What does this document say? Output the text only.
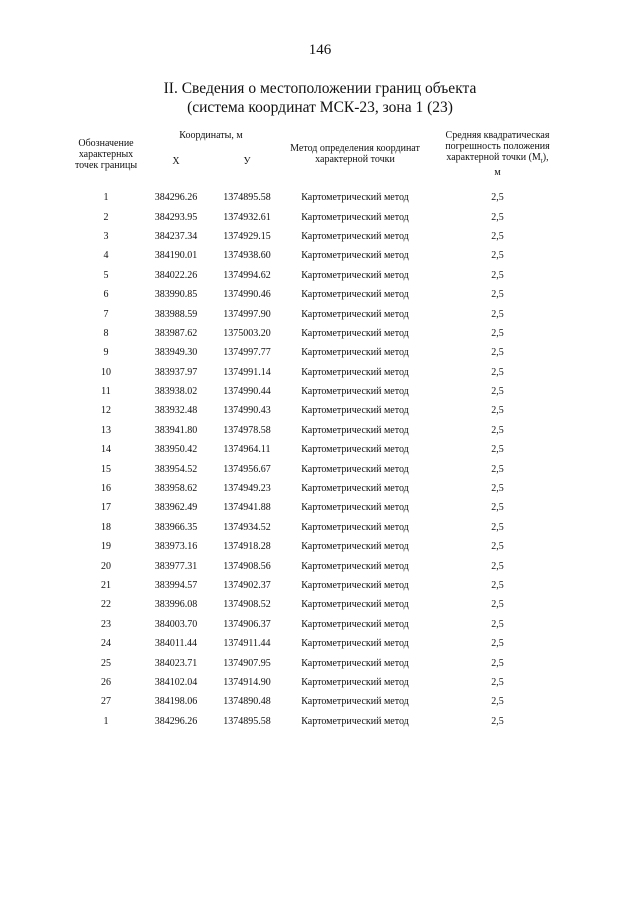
146
II. Сведения о местоположении границ объекта
(система координат МСК-23, зона 1 (23)
Обозначение характерных точек границы	Координаты, м		Метод определения координат характерной точки	Средняя квадратическая погрешность положения характерной точки $(M_t)$,
м
	X	У		

1	384296.26	1374895.58	Картометрический метод	2,5
2	384293.95	1374932.61	Картометрический метод	2,5
3	384237.34	1374929.15	Картометрический метод	2,5
4	384190.01	1374938.60	Картометрический метод	2,5
5	384022.26	1374994.62	Картометрический метод	2,5
6	383990.85	1374990.46	Картометрический метод	2,5
7	383988.59	1374997.90	Картометрический метод	2,5
8	383987.62	1375003.20	Картометрический метод	2,5
9	383949.30	1374997.77	Картометрический метод	2,5
10	383937.97	1374991.14	Картометрический метод	2,5
11	383938.02	1374990.44	Картометрический метод	2,5
12	383932.48	1374990.43	Картометрический метод	2,5
13	383941.80	1374978.58	Картометрический метод	2,5
14	383950.42	1374964.11	Картометрический метод	2,5
15	383954.52	1374956.67	Картометрический метод	2,5
16	383958.62	1374949.23	Картометрический метод	2,5
17	383962.49	1374941.88	Картометрический метод	2,5
18	383966.35	1374934.52	Картометрический метод	2,5
19	383973.16	1374918.28	Картометрический метод	2,5
20	383977.31	1374908.56	Картометрический метод	2,5
21	383994.57	1374902.37	Картометрический метод	2,5
22	383996.08	1374908.52	Картометрический метод	2,5
23	384003.70	1374906.37	Картометрический метод	2,5
24	384011.44	1374911.44	Картометрический метод	2,5
25	384023.71	1374907.95	Картометрический метод	2,5
26	384102.04	1374914.90	Картометрический метод	2,5
27	384198.06	1374890.48	Картометрический метод	2,5
1	384296.26	1374895.58	Картометрический метод	2,5
